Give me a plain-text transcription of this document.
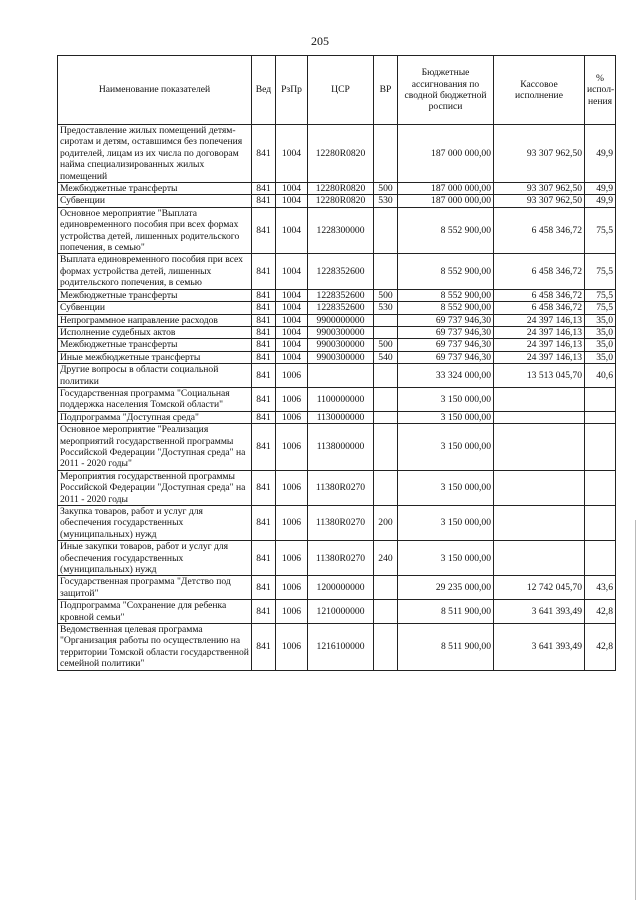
205
Наименование показателей	Вед	РзПр	ЦСР	ВР	Бюджетные ассигнования по сводной бюджетной росписи	Кассовое исполнение	% испол-нения
Предоставление жилых помещений детям-сиротам и детям, оставшимся без попечения родителей, лицам из их числа по договорам найма специализированных жилых помещений	841	1004	12280R0820		187 000 000,00	93 307 962,50	49,9
Межбюджетные трансферты	841	1004	12280R0820	500	187 000 000,00	93 307 962,50	49,9
Субвенции	841	1004	12280R0820	530	187 000 000,00	93 307 962,50	49,9
Основное мероприятие "Выплата единовременного пособия при всех формах устройства детей, лишенных родительского попечения, в семью"	841	1004	1228300000		8 552 900,00	6 458 346,72	75,5
Выплата единовременного пособия при всех формах устройства детей, лишенных родительского попечения, в семью	841	1004	1228352600		8 552 900,00	6 458 346,72	75,5
Межбюджетные трансферты	841	1004	1228352600	500	8 552 900,00	6 458 346,72	75,5
Субвенции	841	1004	1228352600	530	8 552 900,00	6 458 346,72	75,5
Непрограммное направление расходов	841	1004	9900000000		69 737 946,30	24 397 146,13	35,0
Исполнение судебных актов	841	1004	9900300000		69 737 946,30	24 397 146,13	35,0
Межбюджетные трансферты	841	1004	9900300000	500	69 737 946,30	24 397 146,13	35,0
Иные межбюджетные трансферты	841	1004	9900300000	540	69 737 946,30	24 397 146,13	35,0
Другие вопросы в области социальной политики	841	1006			33 324 000,00	13 513 045,70	40,6
Государственная программа "Социальная поддержка населения Томской области"	841	1006	1100000000		3 150 000,00		
Подпрограмма "Доступная среда"	841	1006	1130000000		3 150 000,00		
Основное мероприятие "Реализация мероприятий государственной программы Российской Федерации "Доступная среда" на 2011 - 2020 годы"	841	1006	1138000000		3 150 000,00		
Мероприятия государственной программы Российской Федерации "Доступная среда" на 2011 - 2020 годы	841	1006	11380R0270		3 150 000,00		
Закупка товаров, работ и услуг для обеспечения государственных (муниципальных) нужд	841	1006	11380R0270	200	3 150 000,00		
Иные закупки товаров, работ и услуг для обеспечения государственных (муниципальных) нужд	841	1006	11380R0270	240	3 150 000,00		
Государственная программа "Детство под защитой"	841	1006	1200000000		29 235 000,00	12 742 045,70	43,6
Подпрограмма "Сохранение для ребенка кровной семьи"	841	1006	1210000000		8 511 900,00	3 641 393,49	42,8
Ведомственная целевая программа "Организация работы по осуществлению на территории Томской области государственной семейной политики"	841	1006	1216100000		8 511 900,00	3 641 393,49	42,8
